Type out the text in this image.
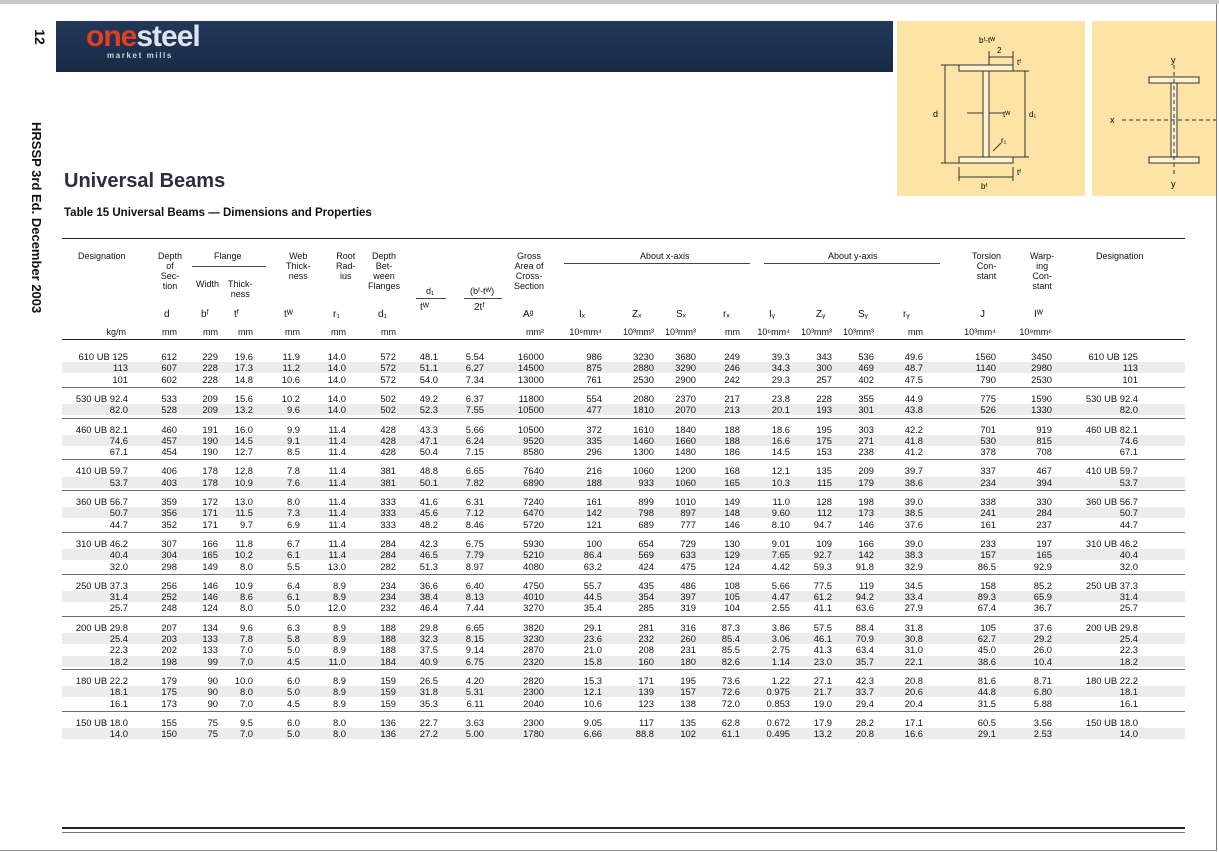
onesteel
market mills
12
HRSSP 3rd Ed. December 2003
bᶠ-tᵂ
2
tᶠ
d	tᵂ d₁
r₁
bᶠ
tᶠ
x
y
y
Universal Beams
Table 15 Universal Beams — Dimensions and Properties
Designation	Depth
of
Sec-
tion
Flange
Width Thick-
ness
Web
Thick-
ness
Root
Rad-
ius
Depth
Bet-
ween
Flanges	d₁	(bᶠ-tᵂ)
Gross
Area of
Cross-
Section
About x-axis	About y-axis	Torsion
Con-
stant
Warp-
ing
Con-
stant
Designation
d	bᶠ	tᶠ	tᵂ	r₁	d₁
tᵂ	2tᶠ
Aᵍ	Iₓ	Zₓ	Sₓ	rₓ	Iᵧ	Zᵧ	Sᵧ	rᵧ	J	Iᵂ
kg/m	mm	mm	mm	mm	mm	mm	mm²	10⁶mm⁴	10³mm³	10³mm³	mm	10⁶mm⁴	10³mm³	10³mm³	mm	10³mm⁴	10⁹mm⁶
610 UB 125	612	229	19.6	11.9	14.0	572	48.1	5.54	16000	986	3230	3680	249	39.3	343	536	49.6	1560	3450	610 UB 125
113	607	228	17.3	11.2	14.0	572	51.1	6.27	14500	875	2880	3290	246	34.3	300	469	48.7	1140	2980	113
101	602	228	14.8	10.6	14.0	572	54.0	7.34	13000	761	2530	2900	242	29.3	257	402	47.5	790	2530	101
530 UB 92.4	533	209	15.6	10.2	14.0	502	49.2	6.37	11800	554	2080	2370	217	23.8	228	355	44.9	775	1590	530 UB 92.4
82.0	528	209	13.2	9.6	14.0	502	52.3	7.55	10500	477	1810	2070	213	20.1	193	301	43.8	526	1330	82.0
460 UB 82.1	460	191	16.0	9.9	11.4	428	43.3	5.66	10500	372	1610	1840	188	18.6	195	303	42.2	701	919	460 UB 82.1
74.6	457	190	14.5	9.1	11.4	428	47.1	6.24	9520	335	1460	1660	188	16.6	175	271	41.8	530	815	74.6
67.1	454	190	12.7	8.5	11.4	428	50.4	7.15	8580	296	1300	1480	186	14.5	153	238	41.2	378	708	67.1
410 UB 59.7	406	178	12.8	7.8	11.4	381	48.8	6.65	7640	216	1060	1200	168	12.1	135	209	39.7	337	467	410 UB 59.7
53.7	403	178	10.9	7.6	11.4	381	50.1	7.82	6890	188	933	1060	165	10.3	115	179	38.6	234	394	53.7
360 UB 56.7	359	172	13.0	8.0	11.4	333	41.6	6.31	7240	161	899	1010	149	11.0	128	198	39.0	338	330	360 UB 56.7
50.7	356	171	11.5	7.3	11.4	333	45.6	7.12	6470	142	798	897	148	9.60	112	173	38.5	241	284	50.7
44.7	352	171	9.7	6.9	11.4	333	48.2	8.46	5720	121	689	777	146	8.10	94.7	146	37.6	161	237	44.7
310 UB 46.2	307	166	11.8	6.7	11.4	284	42.3	6.75	5930	100	654	729	130	9.01	109	166	39.0	233	197	310 UB 46.2
40.4	304	165	10.2	6.1	11.4	284	46.5	7.79	5210	86.4	569	633	129	7.65	92.7	142	38.3	157	165	40.4
32.0	298	149	8.0	5.5	13.0	282	51.3	8.97	4080	63.2	424	475	124	4.42	59.3	91.8	32.9	86.5	92.9	32.0
250 UB 37.3	256	146	10.9	6.4	8.9	234	36.6	6.40	4750	55.7	435	486	108	5.66	77.5	119	34.5	158	85.2	250 UB 37.3
31.4	252	146	8.6	6.1	8.9	234	38.4	8.13	4010	44.5	354	397	105	4.47	61.2	94.2	33.4	89.3	65.9	31.4
25.7	248	124	8.0	5.0	12.0	232	46.4	7.44	3270	35.4	285	319	104	2.55	41.1	63.6	27.9	67.4	36.7	25.7
200 UB 29.8	207	134	9.6	6.3	8.9	188	29.8	6.65	3820	29.1	281	316	87.3	3.86	57.5	88.4	31.8	105	37.6	200 UB 29.8
25.4	203	133	7.8	5.8	8.9	188	32.3	8.15	3230	23.6	232	260	85.4	3.06	46.1	70.9	30.8	62.7	29.2	25.4
22.3	202	133	7.0	5.0	8.9	188	37.5	9.14	2870	21.0	208	231	85.5	2.75	41.3	63.4	31.0	45.0	26.0	22.3
18.2	198	99	7.0	4.5	11.0	184	40.9	6.75	2320	15.8	160	180	82.6	1.14	23.0	35.7	22.1	38.6	10.4	18.2
180 UB 22.2	179	90	10.0	6.0	8.9	159	26.5	4.20	2820	15.3	171	195	73.6	1.22	27.1	42.3	20.8	81.6	8.71	180 UB 22.2
18.1	175	90	8.0	5.0	8.9	159	31.8	5.31	2300	12.1	139	157	72.6	0.975	21.7	33.7	20.6	44.8	6.80	18.1
16.1	173	90	7.0	4.5	8.9	159	35.3	6.11	2040	10.6	123	138	72.0	0.853	19.0	29.4	20.4	31.5	5.88	16.1
150 UB 18.0	155	75	9.5	6.0	8.0	136	22.7	3.63	2300	9.05	117	135	62.8	0.672	17.9	28.2	17.1	60.5	3.56	150 UB 18.0
14.0	150	75	7.0	5.0	8.0	136	27.2	5.00	1780	6.66	88.8	102	61.1	0.495	13.2	20.8	16.6	29.1	2.53	14.0
